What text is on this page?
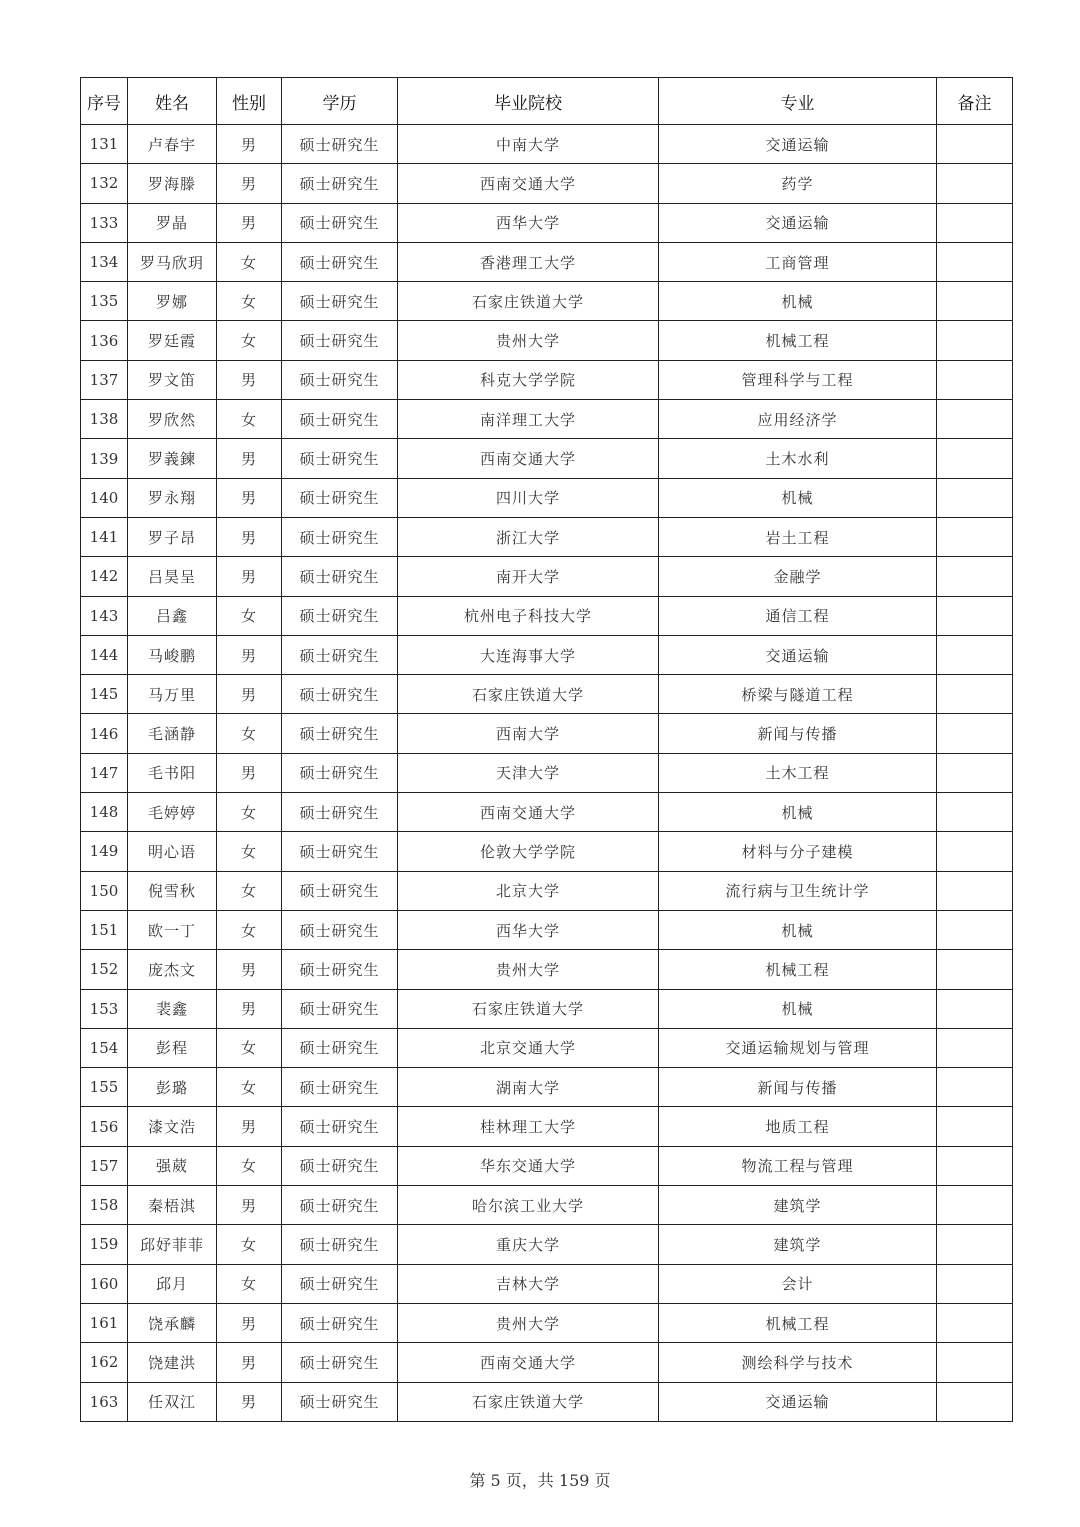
序号	姓名	性别	学历	毕业院校	专业	备注
131	卢春宇	男	硕士研究生	中南大学	交通运输	
132	罗海滕	男	硕士研究生	西南交通大学	药学	
133	罗晶	男	硕士研究生	西华大学	交通运输	
134	罗马欣玥	女	硕士研究生	香港理工大学	工商管理	
135	罗娜	女	硕士研究生	石家庄铁道大学	机械	
136	罗廷霞	女	硕士研究生	贵州大学	机械工程	
137	罗文笛	男	硕士研究生	科克大学学院	管理科学与工程	
138	罗欣然	女	硕士研究生	南洋理工大学	应用经济学	
139	罗義鍊	男	硕士研究生	西南交通大学	土木水利	
140	罗永翔	男	硕士研究生	四川大学	机械	
141	罗子昂	男	硕士研究生	浙江大学	岩土工程	
142	吕昊呈	男	硕士研究生	南开大学	金融学	
143	吕鑫	女	硕士研究生	杭州电子科技大学	通信工程	
144	马峻鹏	男	硕士研究生	大连海事大学	交通运输	
145	马万里	男	硕士研究生	石家庄铁道大学	桥梁与隧道工程	
146	毛涵静	女	硕士研究生	西南大学	新闻与传播	
147	毛书阳	男	硕士研究生	天津大学	土木工程	
148	毛婷婷	女	硕士研究生	西南交通大学	机械	
149	明心语	女	硕士研究生	伦敦大学学院	材料与分子建模	
150	倪雪秋	女	硕士研究生	北京大学	流行病与卫生统计学	
151	欧一丁	女	硕士研究生	西华大学	机械	
152	庞杰文	男	硕士研究生	贵州大学	机械工程	
153	裴鑫	男	硕士研究生	石家庄铁道大学	机械	
154	彭程	女	硕士研究生	北京交通大学	交通运输规划与管理	
155	彭璐	女	硕士研究生	湖南大学	新闻与传播	
156	漆文浩	男	硕士研究生	桂林理工大学	地质工程	
157	强葳	女	硕士研究生	华东交通大学	物流工程与管理	
158	秦梧淇	男	硕士研究生	哈尔滨工业大学	建筑学	
159	邱妤菲菲	女	硕士研究生	重庆大学	建筑学	
160	邱月	女	硕士研究生	吉林大学	会计	
161	饶承麟	男	硕士研究生	贵州大学	机械工程	
162	饶建洪	男	硕士研究生	西南交通大学	测绘科学与技术	
163	任双江	男	硕士研究生	石家庄铁道大学	交通运输	
第 5 页，共 159 页
